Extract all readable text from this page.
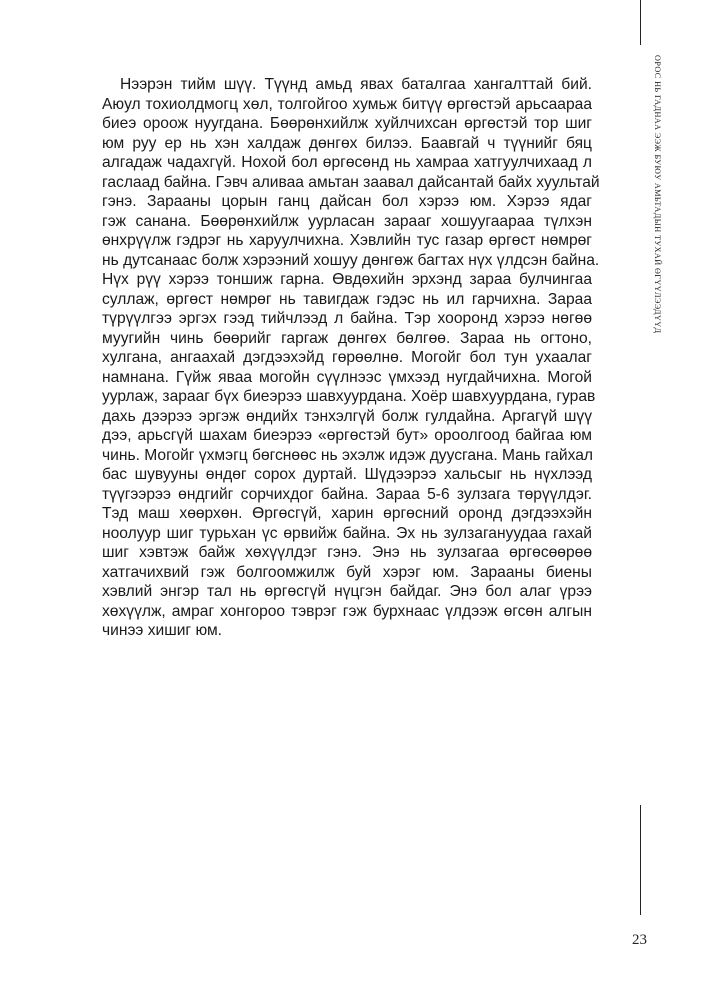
ОРОС НЬ ГАДНАА ЭЭЖ БУЮУ АМЬТАДЫН ТУХАЙ ӨГҮҮЛЭЭДҮҮД
Нээрэн тийм шүү. Түүнд амьд явах баталгаа хангалттай бий.
Аюул тохиолдмогц хөл, толгойгоо хумьж битүү өргөстэй арьсаараа
биеэ ороож нуугдана. Бөөрөнхийлж хуйлчихсан өргөстэй тор шиг
юм руу ер нь хэн халдаж дөнгөх билээ. Баавгай ч түүнийг бяц
алгадаж чадахгүй. Нохой бол өргөсөнд нь хамраа хатгуулчихаад л
гаслаад байна. Гэвч аливаа амьтан заавал дайсантай байх хуультай
гэнэ. Зарааны цорын ганц дайсан бол хэрээ юм. Хэрээ ядаг
гэж санана. Бөөрөнхийлж уурласан зарааг хошуугаараа түлхэн
өнхрүүлж гэдрэг нь харуулчихна. Хэвлийн тус газар өргөст нөмрөг
нь дутсанаас болж хэрээний хошуу дөнгөж багтах нүх үлдсэн байна.
Нүх рүү хэрээ тоншиж гарна. Өвдөхийн эрхэнд зараа булчингаа
суллаж, өргөст нөмрөг нь тавигдаж гэдэс нь ил гарчихна. Зараа
түрүүлгээ эргэх гээд тийчлээд л байна. Тэр хооронд хэрээ нөгөө
муугийн чинь бөөрийг гаргаж дөнгөх бөлгөө. Зараа нь огтоно,
хулгана, ангаахай дэгдээхэйд гөрөөлнө. Могойг бол тун ухаалаг
намнана. Гүйж яваа могойн сүүлнээс үмхээд нугдайчихна. Могой
уурлаж, зарааг бүх биеэрээ шавхуурдана. Хоёр шавхуурдана, гурав
дахь дээрээ эргэж өндийх тэнхэлгүй болж гулдайна. Аргагүй шүү
дээ, арьсгүй шахам биеэрээ «өргөстэй бут» ороолгоод байгаа юм
чинь. Могойг үхмэгц бөгснөөс нь эхэлж идэж дуусгана. Мань гайхал
бас шувууны өндөг сорох дуртай. Шүдээрээ хальсыг нь нүхлээд
түүгээрээ өндгийг сорчихдог байна. Зараа 5-6 зулзага төрүүлдэг.
Тэд маш хөөрхөн. Өргөсгүй, харин өргөсний оронд дэгдээхэйн
ноолуур шиг турьхан үс өрвийж байна. Эх нь зулзагануудаа гахай
шиг хэвтэж байж хөхүүлдэг гэнэ. Энэ нь зулзагаа өргөсөөрөө
хатгачихвий гэж болгоомжилж буй хэрэг юм. Зарааны биены
хэвлий энгэр тал нь өргөсгүй нүцгэн байдаг. Энэ бол алаг үрээ
хөхүүлж, амраг хонгороо тэврэг гэж бурхнаас үлдээж өгсөн алгын
чинээ хишиг юм.
23
